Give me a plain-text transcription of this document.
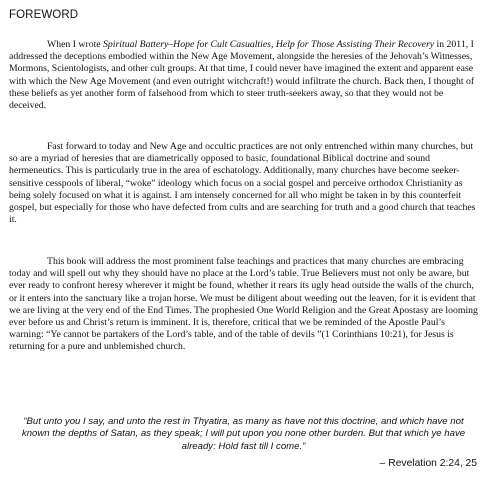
FOREWORD

When I wrote Spiritual Battery–Hope for Cult Casualties, Help for Those Assisting Their Recovery in 2011, I addressed the deceptions embodied within the New Age Movement, alongside the heresies of the Jehovah’s Witnesses, Mormons, Scientologists, and other cult groups. At that time, I could never have imagined the extent and apparent ease with which the New Age Movement (and even outright witchcraft!) would infiltrate the church. Back then, I thought of these beliefs as yet another form of falsehood from which to steer truth-seekers away, so that they would not be deceived.

Fast forward to today and New Age and occultic practices are not only entrenched within many churches, but so are a myriad of heresies that are diametrically opposed to basic, foundational Biblical doctrine and sound hermeneutics. This is particularly true in the area of eschatology. Additionally, many churches have become seeker-sensitive cesspools of liberal, “woke” ideology which focus on a social gospel and perceive orthodox Christianity as being solely focused on what it is against. I am intensely concerned for all who might be taken in by this counterfeit gospel, but especially for those who have defected from cults and are searching for truth and a good church that teaches it.

This book will address the most prominent false teachings and practices that many churches are embracing today and will spell out why they should have no place at the Lord’s table. True Believers must not only be aware, but ever ready to confront heresy wherever it might be found, whether it rears its ugly head outside the walls of the church, or it enters into the sanctuary like a trojan horse. We must be diligent about weeding out the leaven, for it is evident that we are living at the very end of the End Times. The prophesied One World Religion and the Great Apostasy are looming ever before us and Christ’s return is imminent. It is, therefore, critical that we be reminded of the Apostle Paul’s warning: “Ye cannot be partakers of the Lord’s table, and of the table of devils ”(1 Corinthians 10:21), for Jesus is returning for a pure and unblemished church.

“But unto you I say, and unto the rest in Thyatira, as many as have not this doctrine, and which have not known the depths of Satan, as they speak; I will put upon you none other burden. But that which ye have already: Hold fast till I come.”
– Revelation 2:24, 25
